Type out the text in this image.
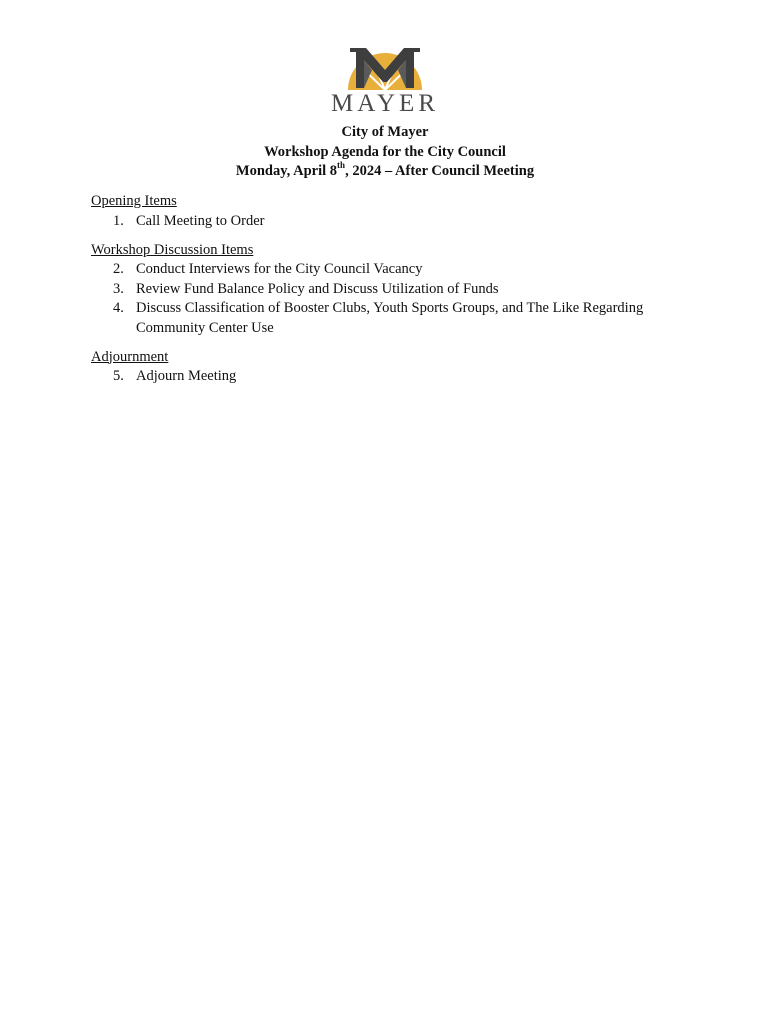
MAYER
City of Mayer
Workshop Agenda for the City Council
Monday, April 8th, 2024 – After Council Meeting
Opening Items
1. Call Meeting to Order
Workshop Discussion Items
2. Conduct Interviews for the City Council Vacancy
3. Review Fund Balance Policy and Discuss Utilization of Funds
4. Discuss Classification of Booster Clubs, Youth Sports Groups, and The Like Regarding Community Center Use
Adjournment
5. Adjourn Meeting
